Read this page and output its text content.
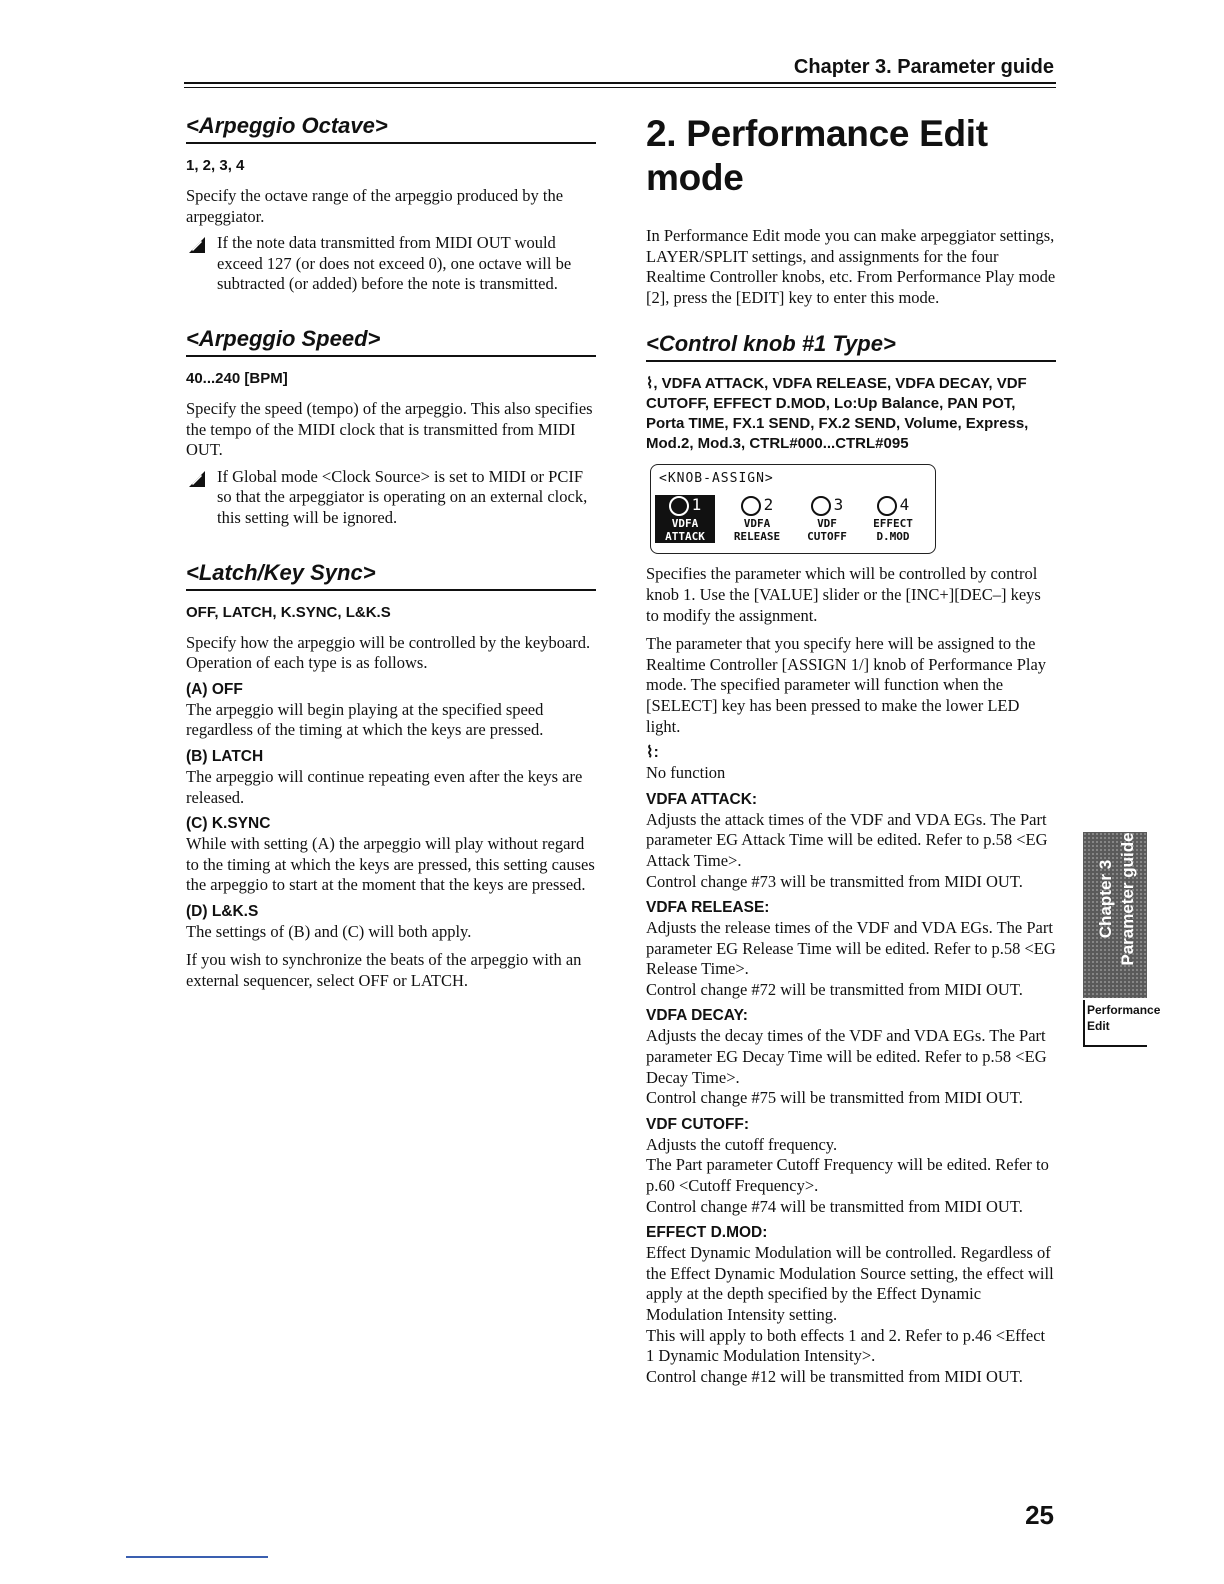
Chapter 3. Parameter guide
<Arpeggio Octave>
1, 2, 3, 4

Specify the octave range of the arpeggio produced by the arpeggiator.

If the note data transmitted from MIDI OUT would exceed 127 (or does not exceed 0), one octave will be subtracted (or added) before the note is transmitted.

<Arpeggio Speed>
40...240 [BPM]

Specify the speed (tempo) of the arpeggio. This also specifies the tempo of the MIDI clock that is transmitted from MIDI OUT.

If Global mode <Clock Source> is set to MIDI or PCIF so that the arpeggiator is operating on an external clock, this setting will be ignored.

<Latch/Key Sync>
OFF, LATCH, K.SYNC, L&K.S

Specify how the arpeggio will be controlled by the keyboard. Operation of each type is as follows.

(A) OFF

The arpeggio will begin playing at the specified speed regardless of the timing at which the keys are pressed.

(B) LATCH

The arpeggio will continue repeating even after the keys are released.

(C) K.SYNC

While with setting (A) the arpeggio will play without regard to the timing at which the keys are pressed, this setting causes the arpeggio to start at the moment that the keys are pressed.

(D) L&K.S

The settings of (B) and (C) will both apply.

If you wish to synchronize the beats of the arpeggio with an external sequencer, select OFF or LATCH.

2. Performance Edit mode

In Performance Edit mode you can make arpeggiator settings, LAYER/SPLIT settings, and assignments for the four Realtime Controller knobs, etc. From Performance Play mode [2], press the [EDIT] key to enter this mode.

<Control knob #1 Type>
⌇, VDFA ATTACK, VDFA RELEASE, VDFA DECAY, VDF CUTOFF, EFFECT D.MOD, Lo:Up Balance, PAN POT, Porta TIME, FX.1 SEND, FX.2 SEND, Volume, Express, Mod.2, Mod.3, CTRL#000...CTRL#095
<KNOB-ASSIGN>
1
VDFA
ATTACK
2
VDFA
RELEASE
3
VDF
CUTOFF
4
EFFECT
D.MOD

Specifies the parameter which will be controlled by control knob 1. Use the [VALUE] slider or the [INC+][DEC–] keys to modify the assignment.

The parameter that you specify here will be assigned to the Realtime Controller [ASSIGN 1/] knob of Performance Play mode. The specified parameter will function when the [SELECT] key has been pressed to make the lower LED light.

⌇:

No function

VDFA ATTACK:

Adjusts the attack times of the VDF and VDA EGs. The Part parameter EG Attack Time will be edited. Refer to p.58 <EG Attack Time>.

Control change #73 will be transmitted from MIDI OUT.

VDFA RELEASE:

Adjusts the release times of the VDF and VDA EGs. The Part parameter EG Release Time will be edited. Refer to p.58 <EG Release Time>.

Control change #72 will be transmitted from MIDI OUT.

VDFA DECAY:

Adjusts the decay times of the VDF and VDA EGs. The Part parameter EG Decay Time will be edited. Refer to p.58 <EG Decay Time>.

Control change #75 will be transmitted from MIDI OUT.

VDF CUTOFF:

Adjusts the cutoff frequency.

The Part parameter Cutoff Frequency will be edited. Refer to p.60 <Cutoff Frequency>.

Control change #74 will be transmitted from MIDI OUT.

EFFECT D.MOD:

Effect Dynamic Modulation will be controlled. Regardless of the Effect Dynamic Modulation Source setting, the effect will apply at the depth specified by the Effect Dynamic Modulation Intensity setting.

This will apply to both effects 1 and 2. Refer to p.46 <Effect 1 Dynamic Modulation Intensity>.

Control change #12 will be transmitted from MIDI OUT.

Chapter 3 Parameter guide
Performance
Edit
25
